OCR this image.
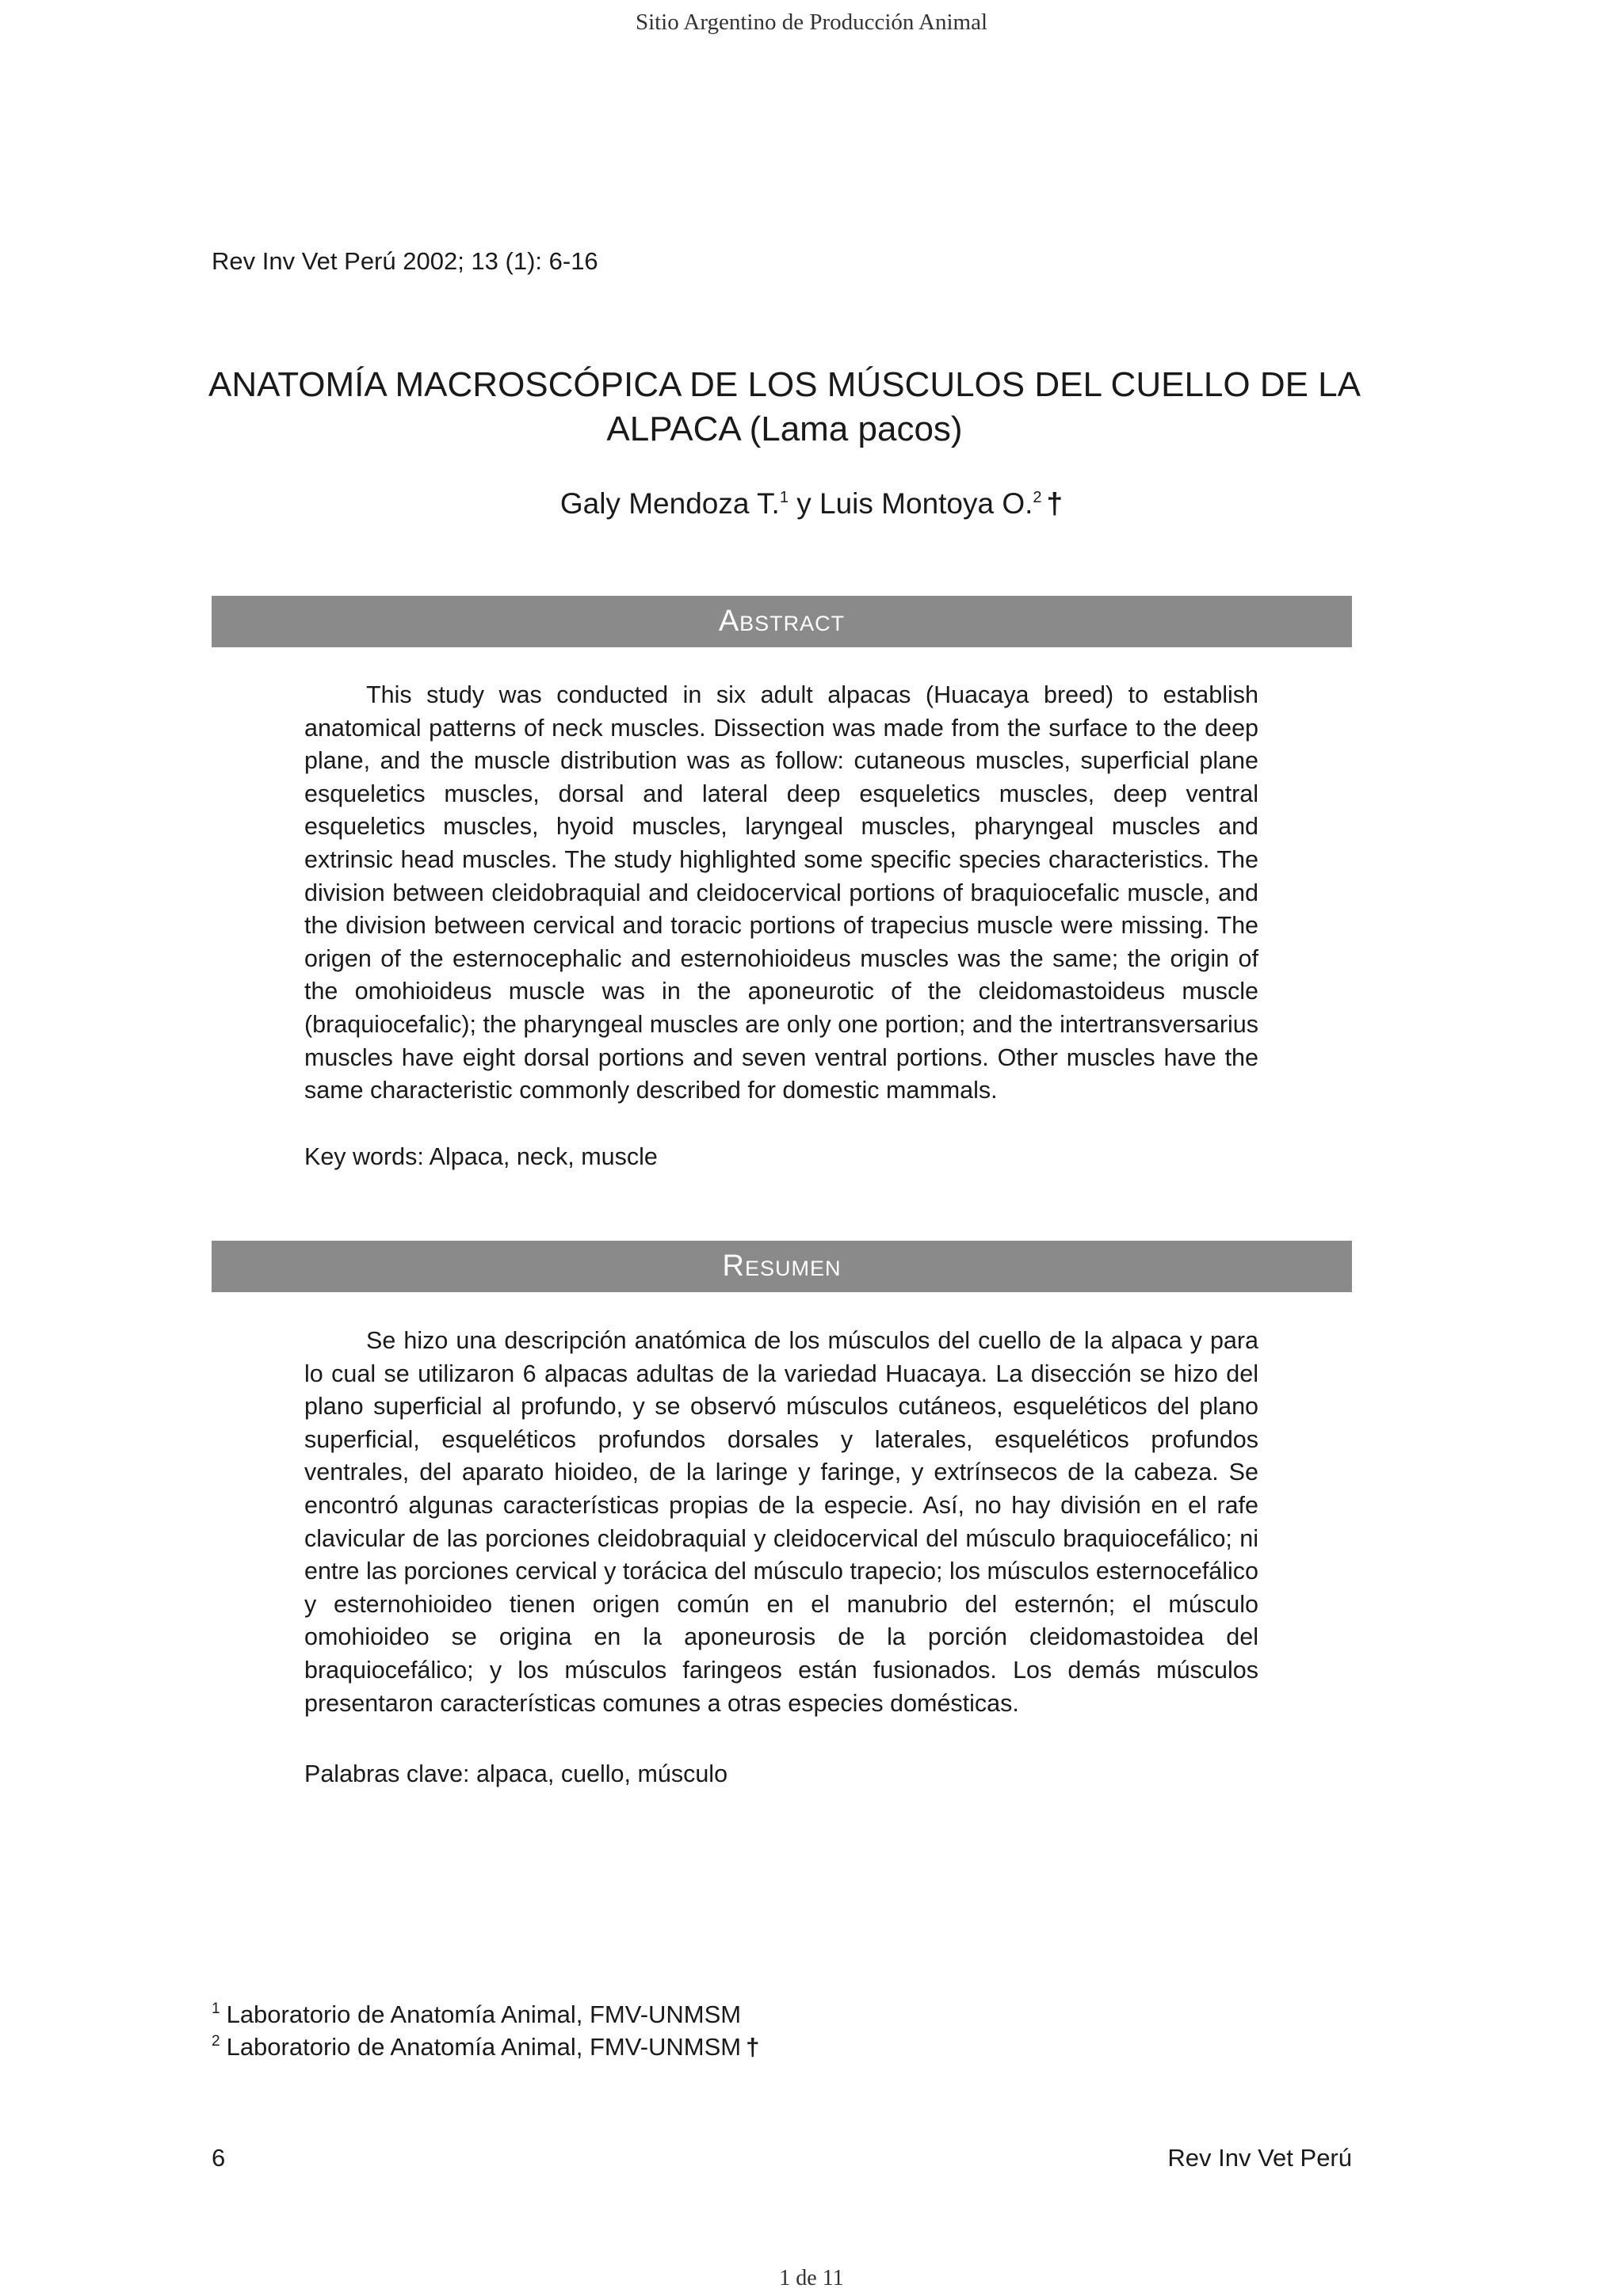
Sitio Argentino de Producción Animal
Rev Inv Vet Perú 2002; 13 (1): 6-16
ANATOMÍA MACROSCÓPICA DE LOS MÚSCULOS DEL CUELLO DE LA ALPACA (Lama pacos)
Galy Mendoza T.$^1$ y Luis Montoya O.$^2$ †
Abstract

This study was conducted in six adult alpacas (Huacaya breed) to establish anatomical patterns of neck muscles. Dissection was made from the surface to the deep plane, and the muscle distribution was as follow: cutaneous muscles, superficial plane esqueletics muscles, dorsal and lateral deep esqueletics muscles, deep ventral esqueletics muscles, hyoid muscles, laryngeal muscles, pharyngeal muscles and extrinsic head muscles. The study highlighted some specific species characteristics. The division between cleidobraquial and cleidocervical portions of braquiocefalic muscle, and the division between cervical and toracic portions of trapecius muscle were missing. The origen of the esternocephalic and esternohioideus muscles was the same; the origin of the omohioideus muscle was in the aponeurotic of the cleidomastoideus muscle (braquiocefalic); the pharyngeal muscles are only one portion; and the intertransversarius muscles have eight dorsal portions and seven ventral portions. Other muscles have the same characteristic commonly described for domestic mammals.

Key words: Alpaca, neck, muscle
Resumen

Se hizo una descripción anatómica de los músculos del cuello de la alpaca y para lo cual se utilizaron 6 alpacas adultas de la variedad Huacaya. La disección se hizo del plano superficial al profundo, y se observó músculos cutáneos, esqueléticos del plano superficial, esqueléticos profundos dorsales y laterales, esqueléticos profundos ventrales, del aparato hioideo, de la laringe y faringe, y extrínsecos de la cabeza. Se encontró algunas características propias de la especie. Así, no hay división en el rafe clavicular de las porciones cleidobraquial y cleidocervical del músculo braquiocefálico; ni entre las porciones cervical y torácica del músculo trapecio; los músculos esternocefálico y esternohioideo tienen origen común en el manubrio del esternón; el músculo omohioideo se origina en la aponeurosis de la porción cleidomastoidea del braquiocefálico; y los músculos faringeos están fusionados. Los demás músculos presentaron características comunes a otras especies domésticas.

Palabras clave: alpaca, cuello, músculo
$^1$ Laboratorio de Anatomía Animal, FMV-UNMSM
$^2$ Laboratorio de Anatomía Animal, FMV-UNMSM †
6	Rev Inv Vet Perú
1 de 11
